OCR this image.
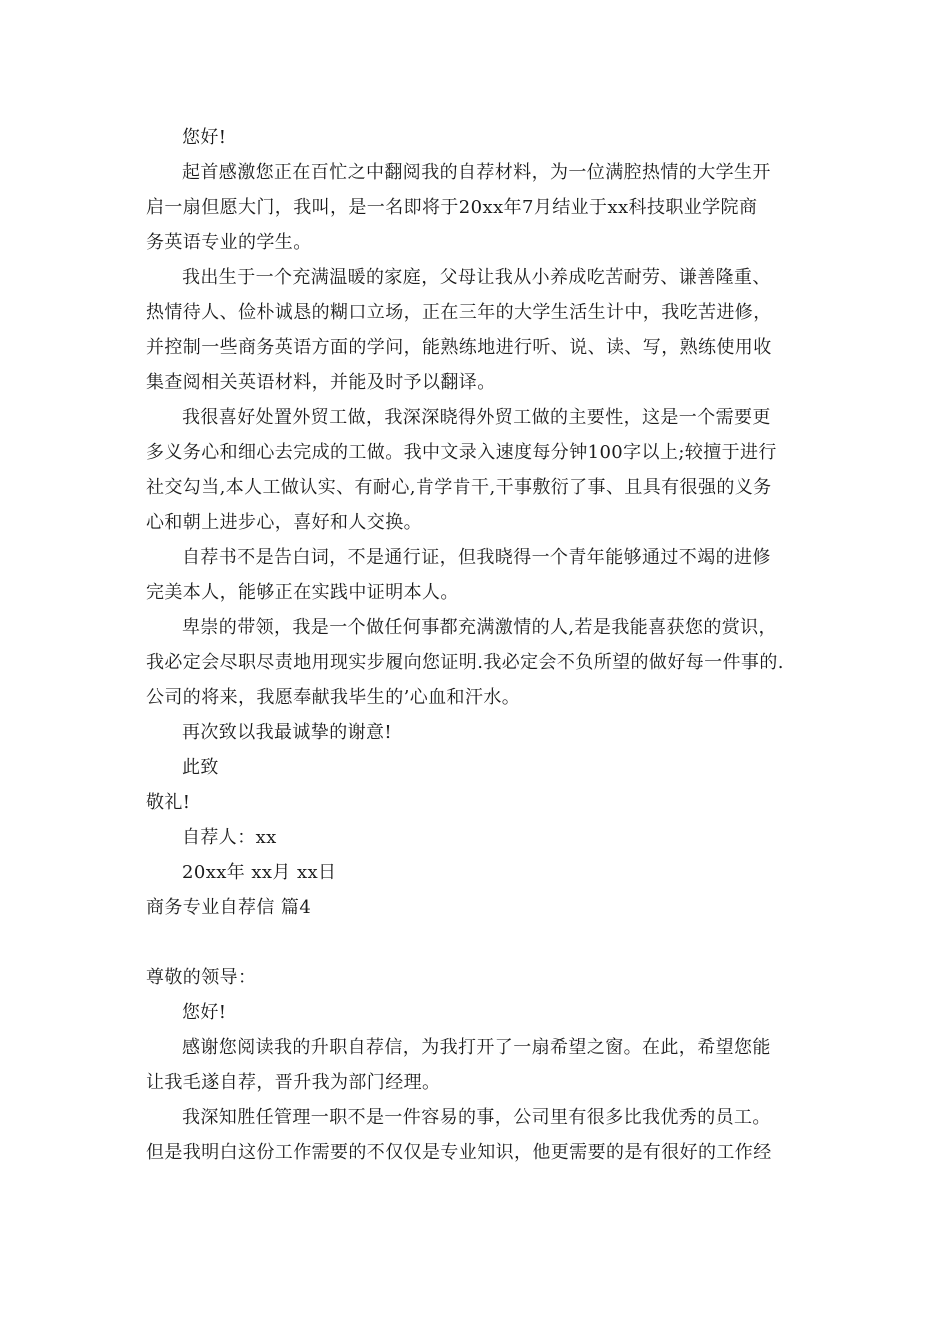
您好!
起首感激您正在百忙之中翻阅我的自荐材料，为一位满腔热情的大学生开
启一扇但愿大门，我叫，是一名即将于20xx年7月结业于xx科技职业学院商
务英语专业的学生。
我出生于一个充满温暖的家庭，父母让我从小养成吃苦耐劳、谦善隆重、
热情待人、俭朴诚恳的糊口立场，正在三年的大学生活生计中，我吃苦进修，
并控制一些商务英语方面的学问，能熟练地进行听、说、读、写，熟练使用收
集查阅相关英语材料，并能及时予以翻译。
我很喜好处置外贸工做，我深深晓得外贸工做的主要性，这是一个需要更
多义务心和细心去完成的工做。我中文录入速度每分钟100字以上;较擅于进行
社交勾当,本人工做认实、有耐心,肯学肯干,干事敷衍了事、且具有很强的义务
心和朝上进步心，喜好和人交换。
自荐书不是告白词，不是通行证，但我晓得一个青年能够通过不竭的进修
完美本人，能够正在实践中证明本人。
卑崇的带领，我是一个做任何事都充满激情的人,若是我能喜获您的赏识，
我必定会尽职尽责地用现实步履向您证明.我必定会不负所望的做好每一件事的.
公司的将来，我愿奉献我毕生的’心血和汗水。
再次致以我最诚挚的谢意!
此致
敬礼!
自荐人：xx
20xx年 xx月 xx日
商务专业自荐信 篇4
尊敬的领导：
您好!
感谢您阅读我的升职自荐信，为我打开了一扇希望之窗。在此，希望您能
让我毛遂自荐，晋升我为部门经理。
我深知胜任管理一职不是一件容易的事，公司里有很多比我优秀的员工。
但是我明白这份工作需要的不仅仅是专业知识，他更需要的是有很好的工作经
